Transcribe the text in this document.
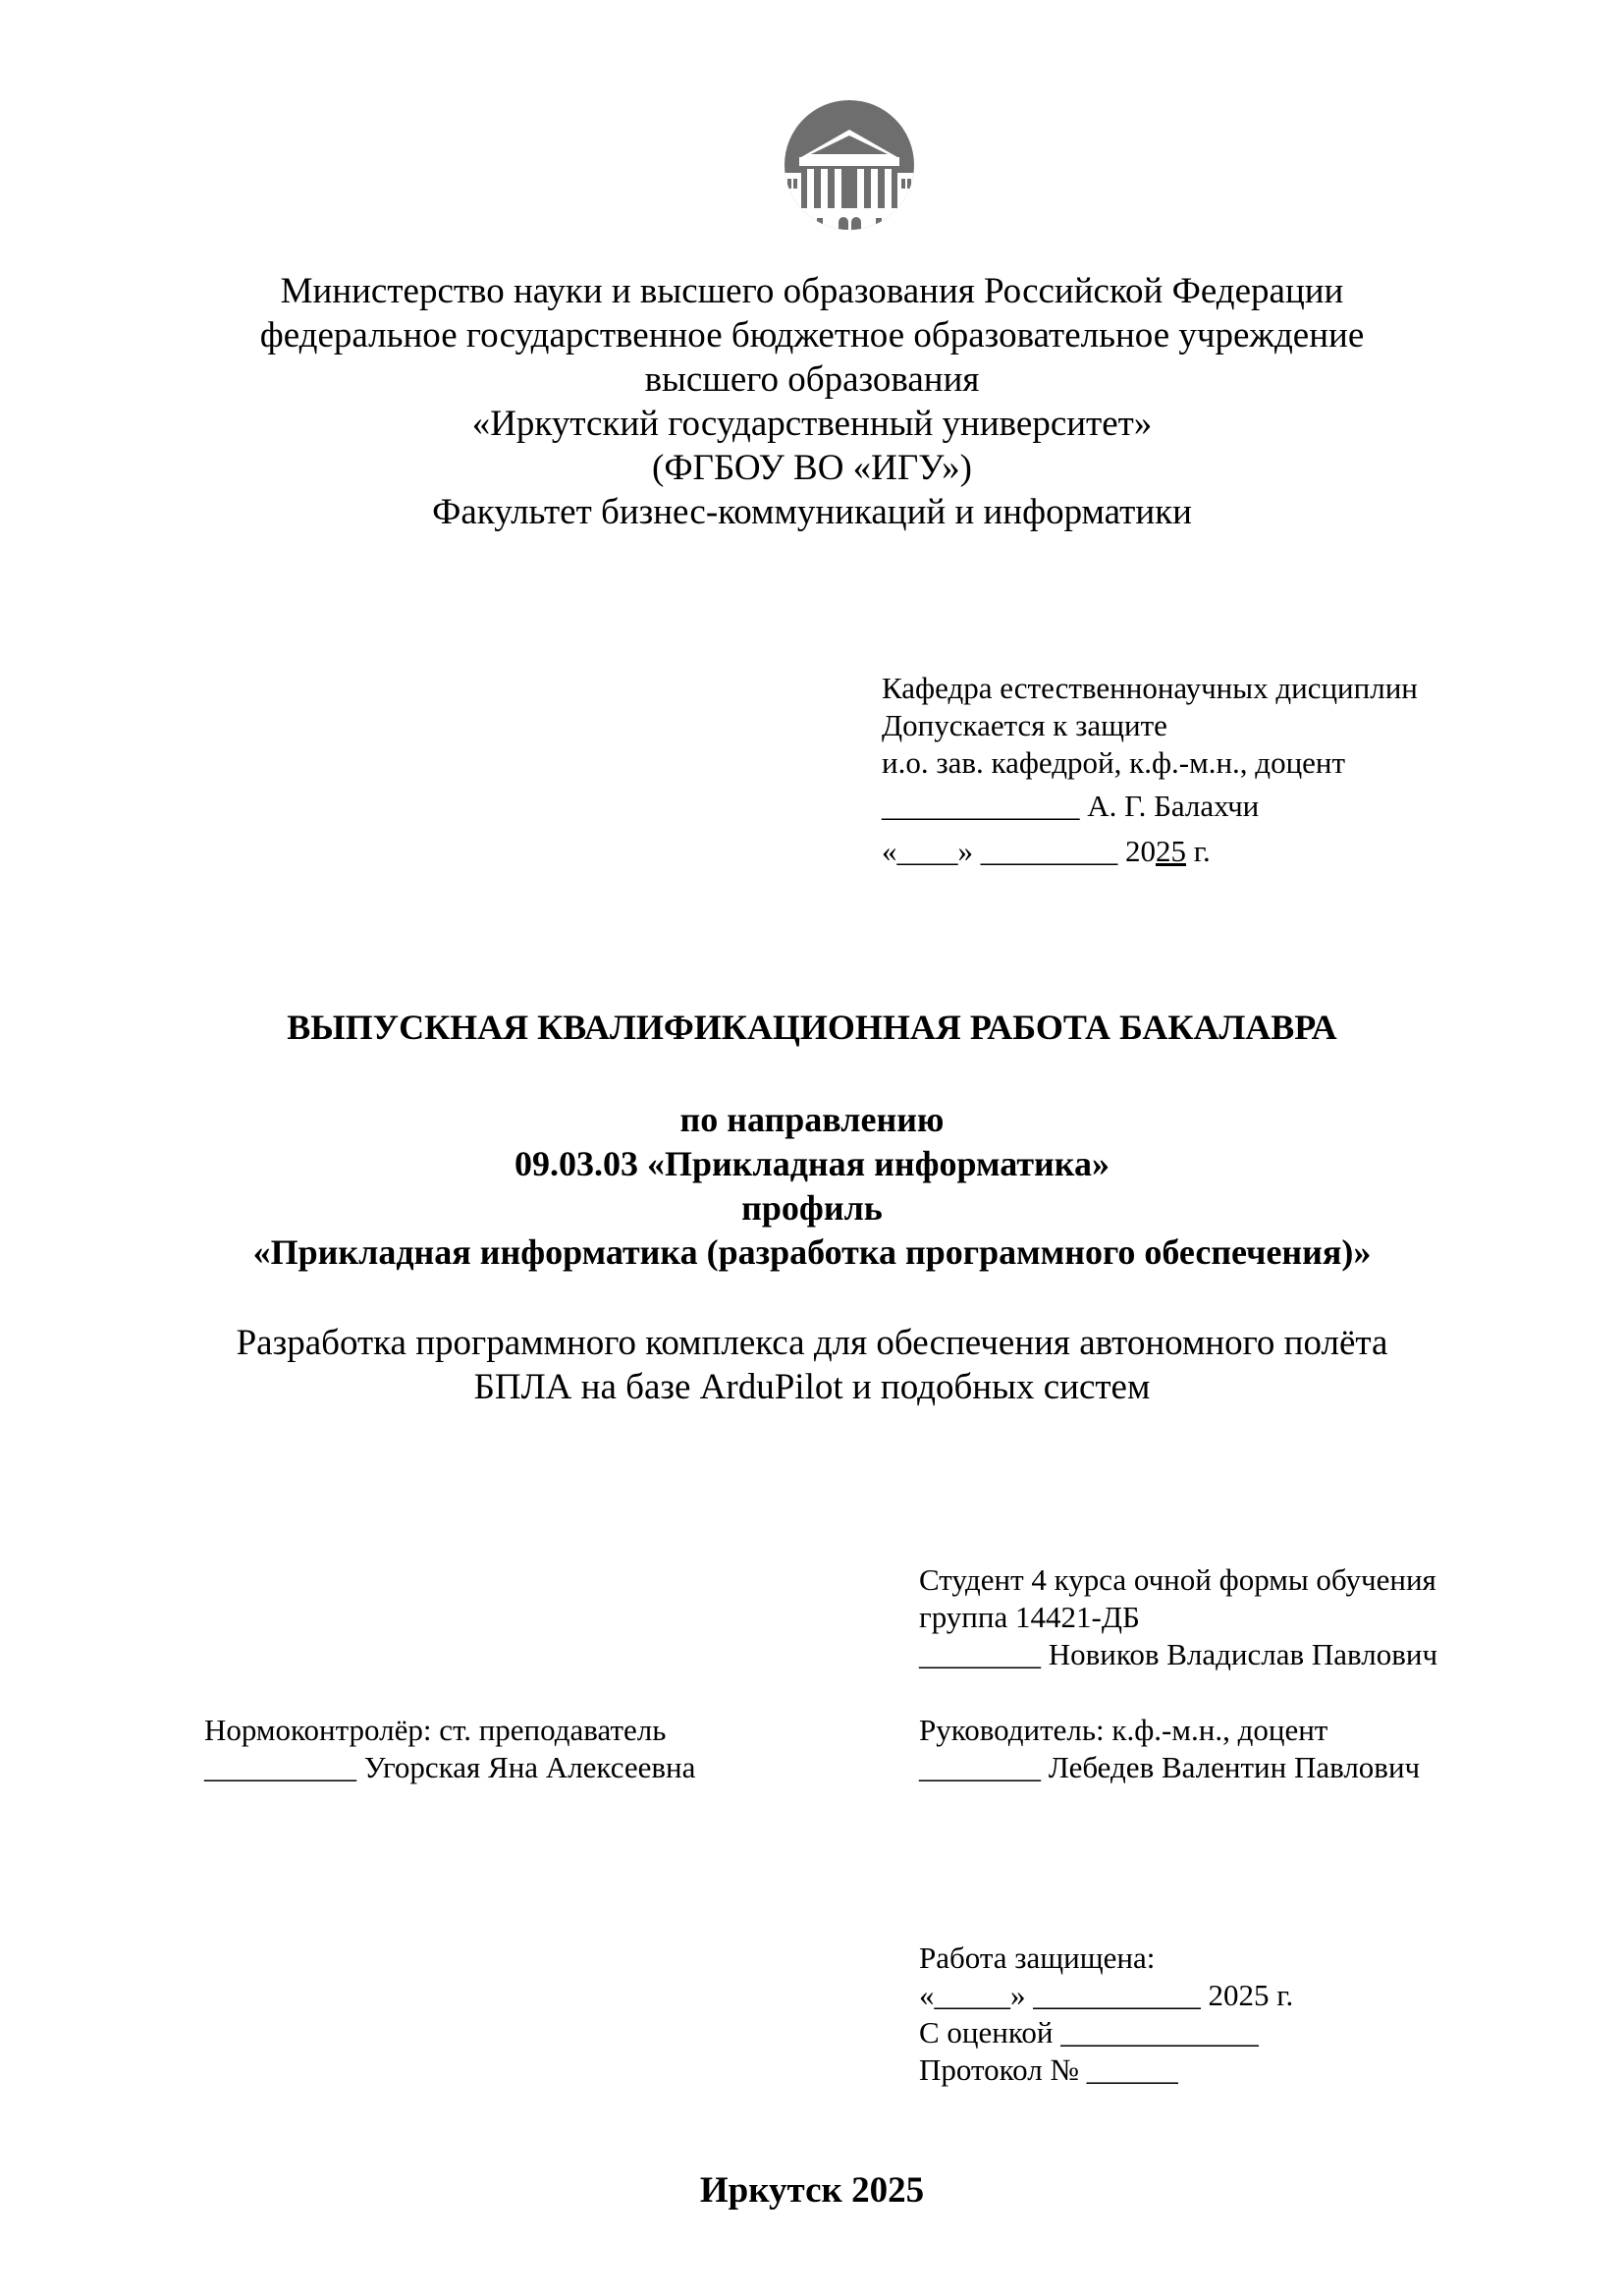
Министерство науки и высшего образования Российской Федерации
федеральное государственное бюджетное образовательное учреждение
высшего образования
«Иркутский государственный университет»
(ФГБОУ ВО «ИГУ»)
Факультет бизнес-коммуникаций и информатики
Кафедра естественнонаучных дисциплин
Допускается к защите
и.о. зав. кафедрой, к.ф.-м.н., доцент
_____________ А. Г. Балахчи
«____» _________ 2025 г.
ВЫПУСКНАЯ КВАЛИФИКАЦИОННАЯ РАБОТА БАКАЛАВРА
по направлению
09.03.03 «Прикладная информатика»
профиль
«Прикладная информатика (разработка программного обеспечения)»
Разработка программного комплекса для обеспечения автономного полёта
БПЛА на базе ArduPilot и подобных систем
Студент 4 курса очной формы обучения
группа 14421-ДБ
________ Новиков Владислав Павлович
Нормоконтролёр: ст. преподаватель
__________ Угорская Яна Алексеевна
Руководитель: к.ф.-м.н., доцент
________ Лебедев Валентин Павлович
Работа защищена:
«_____» ___________ 2025 г.
С оценкой _____________
Протокол № ______
Иркутск 2025
